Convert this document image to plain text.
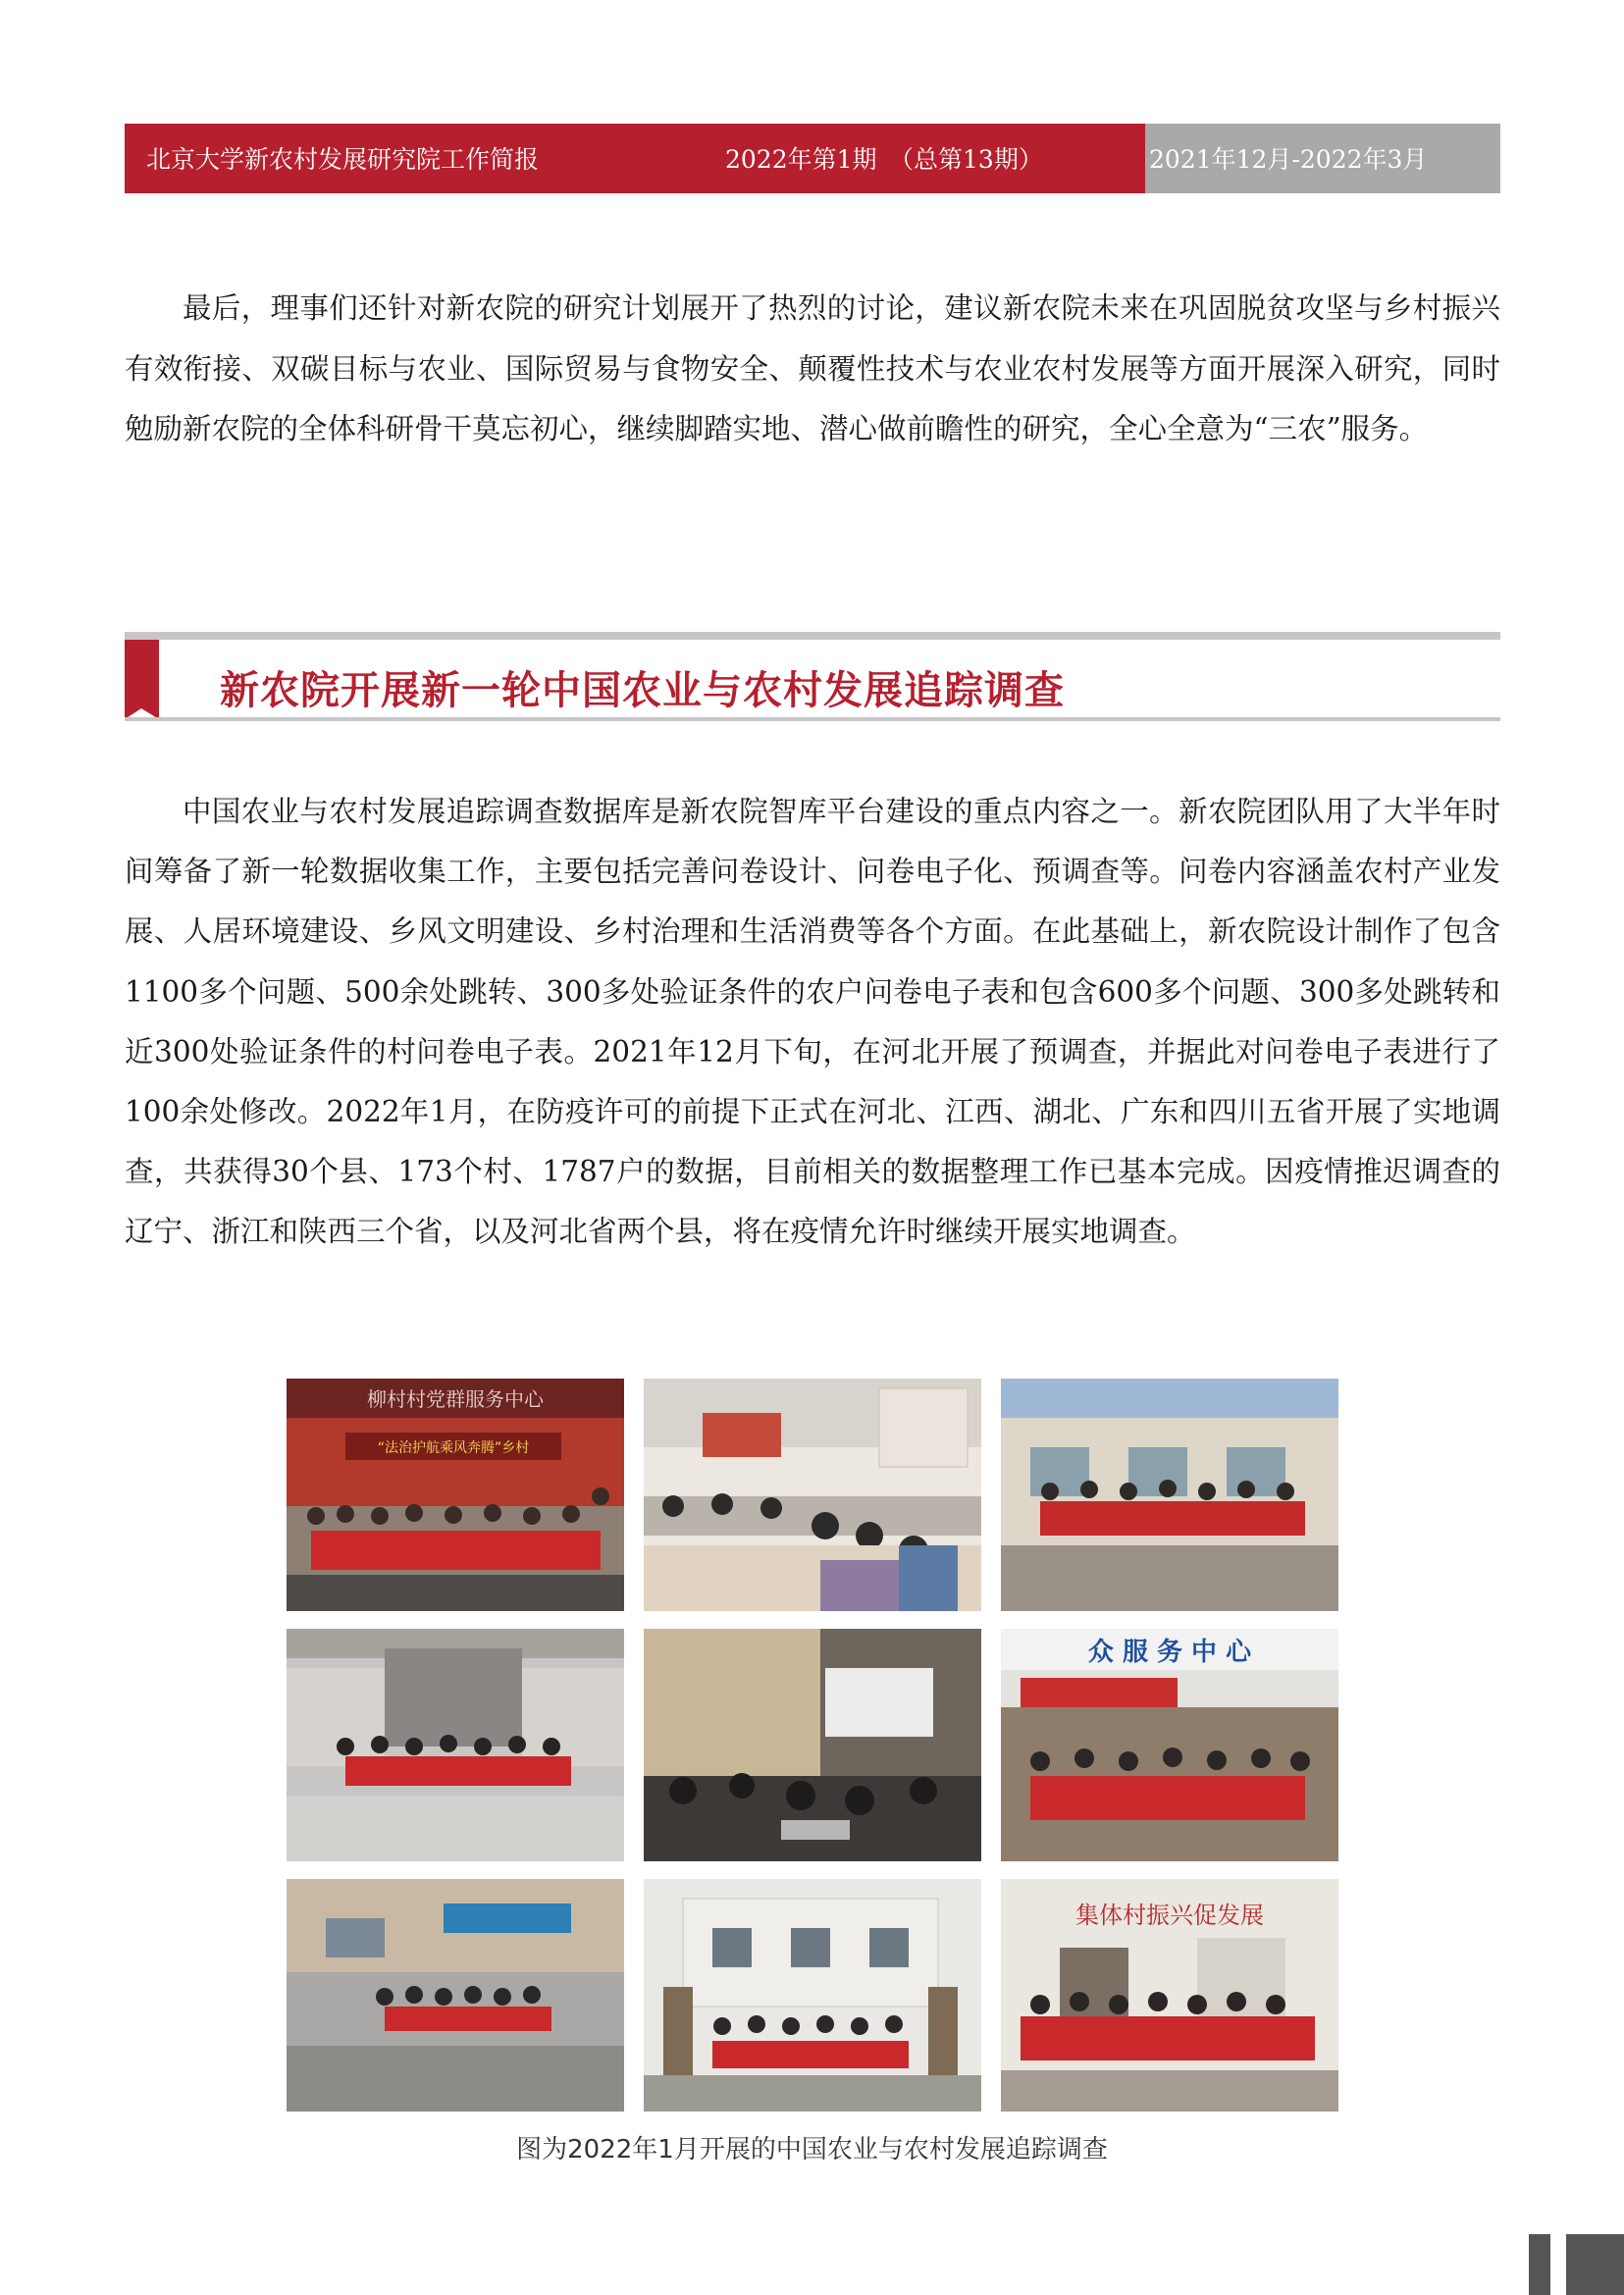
北京大学新农村发展研究院工作简报	2022年第1期　（总第13期）	2021年12月-2022年3月

最后，理事们还针对新农院的研究计划展开了热烈的讨论，建议新农院未来在巩固脱贫攻坚与乡村振兴有效衔接、双碳目标与农业、国际贸易与食物安全、颠覆性技术与农业农村发展等方面开展深入研究，同时勉励新农院的全体科研骨干莫忘初心，继续脚踏实地、潜心做前瞻性的研究，全心全意为“三农”服务。

新农院开展新一轮中国农业与农村发展追踪调查

中国农业与农村发展追踪调查数据库是新农院智库平台建设的重点内容之一。新农院团队用了大半年时间筹备了新一轮数据收集工作，主要包括完善问卷设计、问卷电子化、预调查等。问卷内容涵盖农村产业发展、人居环境建设、乡风文明建设、乡村治理和生活消费等各个方面。在此基础上，新农院设计制作了包含1100多个问题、500余处跳转、300多处验证条件的农户问卷电子表和包含600多个问题、300多处跳转和近300处验证条件的村问卷电子表。2021年12月下旬，在河北开展了预调查，并据此对问卷电子表进行了100余处修改。2022年1月，在防疫许可的前提下正式在河北、江西、湖北、广东和四川五省开展了实地调查，共获得30个县、173个村、1787户的数据，目前相关的数据整理工作已基本完成。因疫情推迟调查的辽宁、浙江和陕西三个省，以及河北省两个县，将在疫情允许时继续开展实地调查。

柳村村党群服务中心
“法治护航乘风奔腾”乡村
众 服 务 中 心
集体村振兴促发展
图为2022年1月开展的中国农业与农村发展追踪调查
